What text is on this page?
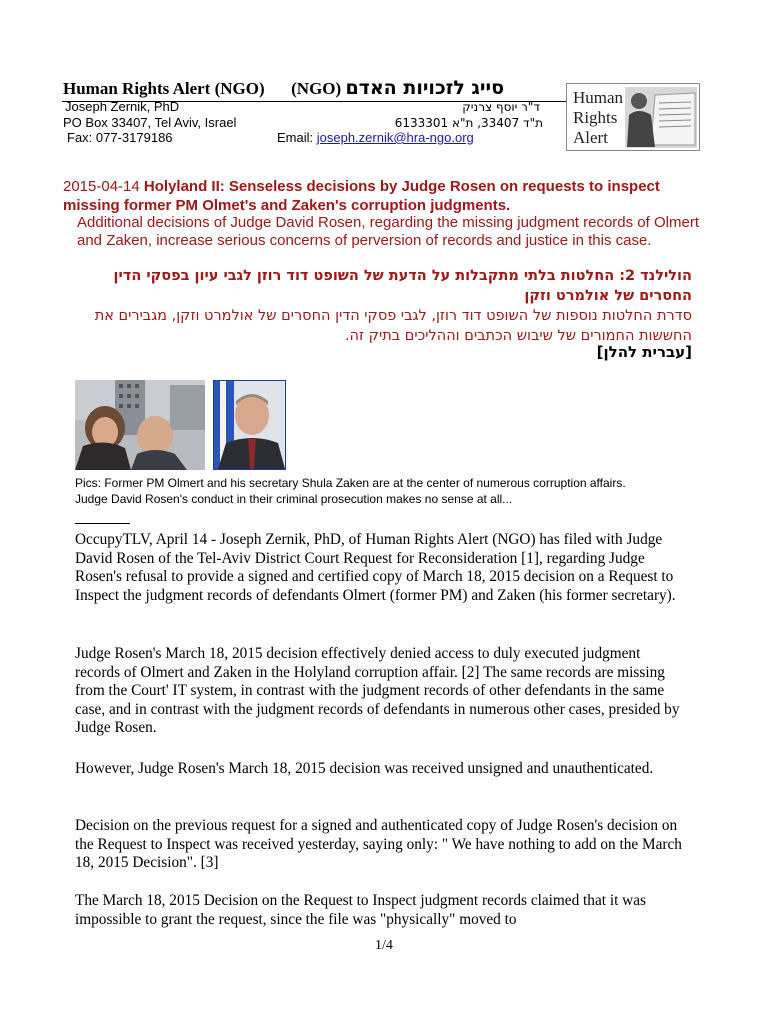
Human Rights Alert (NGO) (NGO) סייג לזכויות האדם
Joseph Zernik, PhD	ד"ר יוסף צרניק
PO Box 33407, Tel Aviv, Israel	ת"ד 33407, ת"א 6133301
Fax: 077-3179186	Email: joseph.zernik@hra-ngo.org
Human
Rights
Alert
2015-04-14 Holyland II: Senseless decisions by Judge Rosen on requests to inspect missing former PM Olmet's and Zaken's corruption judgments.
Additional decisions of Judge David Rosen, regarding the missing judgment records of Olmert and Zaken, increase serious concerns of perversion of records and justice in this case.
הולילנד 2: החלטות בלתי מתקבלות על הדעת של השופט דוד רוזן לגבי עיון בפסקי הדין החסרים של אולמרט וזקן
סדרת החלטות נוספות של השופט דוד רוזן, לגבי פסקי הדין החסרים של אולמרט וזקן, מגבירים את החששות החמורים של שיבוש הכתבים וההליכים בתיק זה.
[עברית להלן]
Pics: Former PM Olmert and his secretary Shula Zaken are at the center of numerous corruption affairs.
Judge David Rosen's conduct in their criminal prosecution makes no sense at all...
OccupyTLV, April 14 - Joseph Zernik, PhD, of Human Rights Alert (NGO) has filed with Judge David Rosen of the Tel-Aviv District Court Request for Reconsideration [1], regarding Judge Rosen's refusal to provide a signed and certified copy of March 18, 2015 decision on a Request to Inspect the judgment records of defendants Olmert (former PM) and Zaken (his former secretary).
Judge Rosen's March 18, 2015 decision effectively denied access to duly executed judgment records of Olmert and Zaken in the Holyland corruption affair. [2] The same records are missing from the Court' IT system, in contrast with the judgment records of other defendants in the same case, and in contrast with the judgment records of defendants in numerous other cases, presided by Judge Rosen.
However, Judge Rosen's March 18, 2015 decision was received unsigned and unauthenticated.
Decision on the previous request for a signed and authenticated copy of Judge Rosen's decision on the Request to Inspect was received yesterday, saying only: " We have nothing to add on the March 18, 2015 Decision". [3]
The March 18, 2015 Decision on the Request to Inspect judgment records claimed that it was impossible to grant the request, since the file was "physically" moved to
1/4
